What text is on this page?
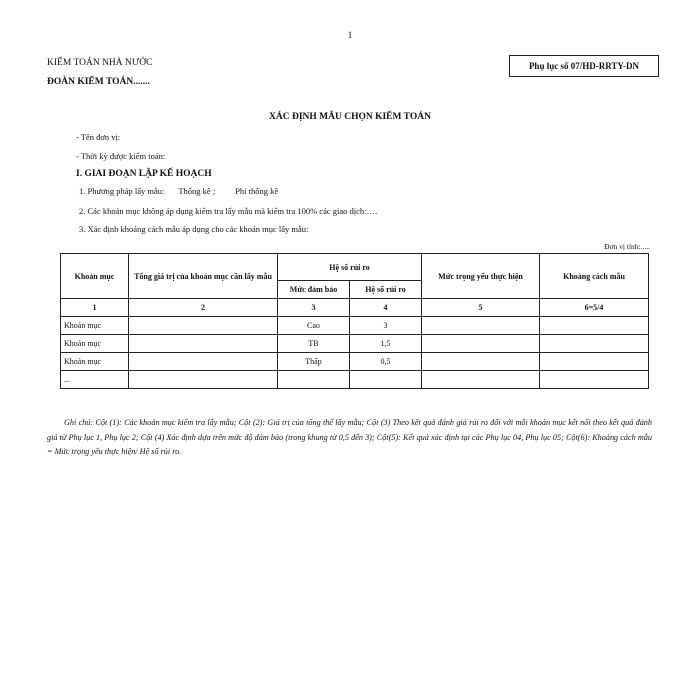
1
KIỂM TOÁN NHÀ NƯỚC
ĐOÀN KIỂM TOÁN.......
Phụ lục số 07/HD-RRTY-DN
XÁC ĐỊNH MẪU CHỌN KIỂM TOÁN
- Tên đơn vị:
- Thời kỳ được kiểm toán:
I. GIAI ĐOẠN LẬP KẾ HOẠCH
1. Phương pháp lấy mẫu: Thống kê ; Phi thống kê
2. Các khoản mục không áp dụng kiểm tra lấy mẫu mà kiểm tra 100% các giao dịch:….
3. Xác định khoảng cách mẫu áp dụng cho các khoản mục lấy mẫu:
Đơn vị tính:.....
Khoản mục	Tổng giá trị của khoản mục cần lấy mẫu	Hệ số rủi ro		Mức trọng yếu thực hiện	Khoảng cách mẫu
		Mức đảm bảo	Hệ số rủi ro		
1	2	3	4	5	6=5/4
Khoản mục		Cao	3		
Khoản mục		TB	1,5		
Khoản mục		Thấp	0,5		
...					
Ghi chú: Cột (1): Các khoản mục kiểm tra lấy mẫu; Cột (2): Giá trị của tổng thể lấy mẫu; Cột (3) Theo kết quả đánh giá rủi ro đối với mỗi khoản mục kết nối theo kết quả đánh giá từ Phụ lục 1, Phụ lục 2; Cột (4) Xác định dựa trên mức độ đảm bảo (trong khung từ 0,5 đến 3); Cột(5): Kết quả xác định tại các Phụ lục 04, Phụ lục 05; Cột(6): Khoảng cách mẫu = Mức trọng yếu thực hiện/ Hệ số rủi ro.
